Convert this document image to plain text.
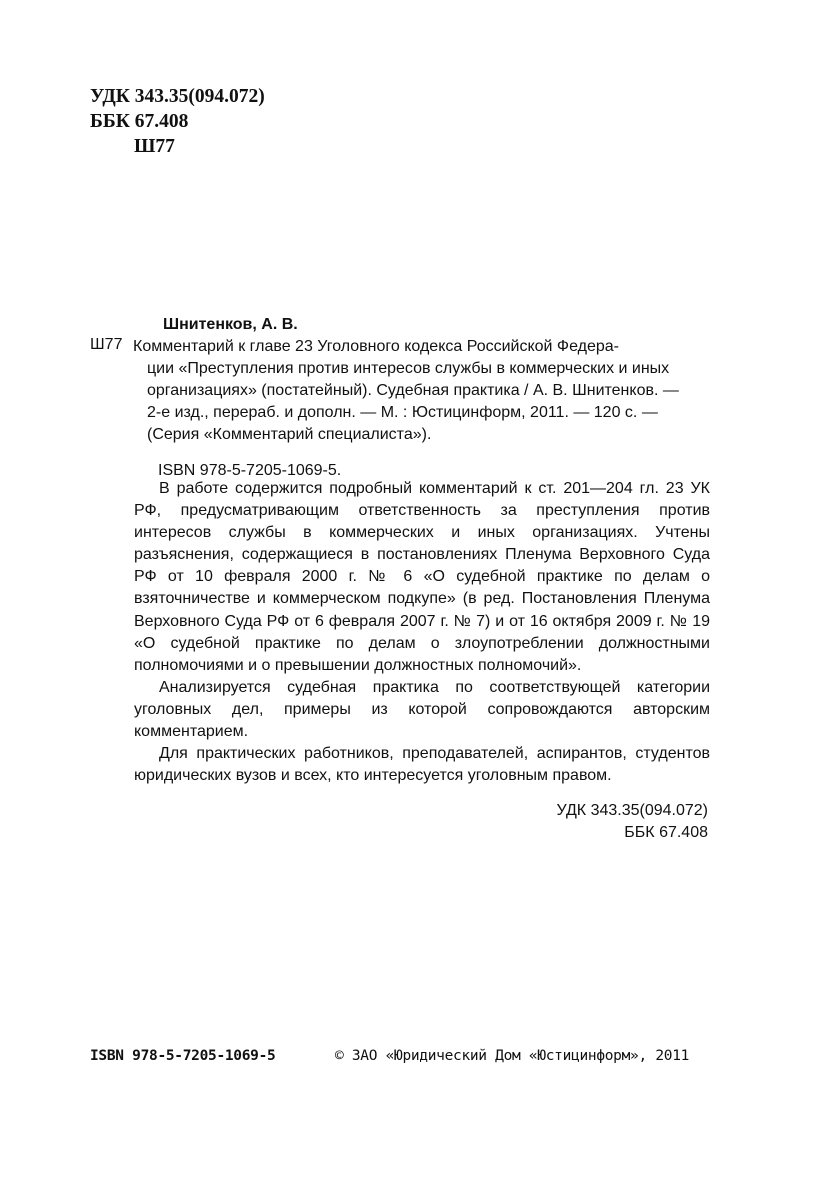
УДК 343.35(094.072)
ББК 67.408
Ш77
Ш77
Шнитенков, А. В.
Комментарий к главе 23 Уголовного кодекса Российской Федера-
ции «Преступления против интересов службы в коммерческих и иных
организациях» (постатейный). Судебная практика / А. В. Шнитенков. —
2-е изд., перераб. и дополн. — М. : Юстицинформ, 2011. — 120 с. —
(Серия «Комментарий специалиста»).
ISBN 978-5-7205-1069-5.

В работе содержится подробный комментарий к ст. 201—204 гл. 23 УК РФ, предусматривающим ответственность за преступления против интересов службы в коммерческих и иных организациях. Учтены разъяснения, содержащиеся в постановлениях Пленума Верховного Суда РФ от 10 февраля 2000 г. № 6 «О судебной практике по делам о взяточничестве и коммерческом подкупе» (в ред. Постановления Пленума Верховного Суда РФ от 6 февраля 2007 г. № 7) и от 16 октября 2009 г. № 19 «О судебной практике по делам о злоупотреблении должностными полномочиями и о превышении должностных полномочий».

Анализируется судебная практика по соответствующей категории уголовных дел, примеры из которой сопровождаются авторским комментарием.

Для практических работников, преподавателей, аспирантов, студентов юридических вузов и всех, кто интересуется уголовным правом.

УДК 343.35(094.072)
ББК 67.408
ISBN 978-5-7205-1069-5	© ЗАО «Юридический Дом «Юстицинформ», 2011
